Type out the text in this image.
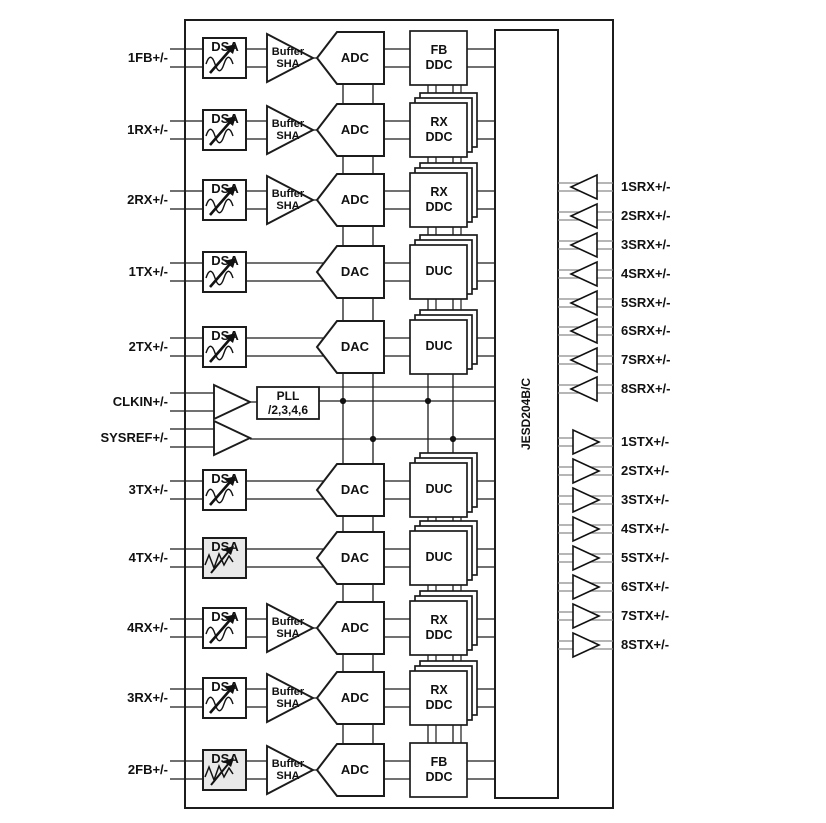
1FB+/-
1RX+/-
2RX+/-
1TX+/-
2TX+/-
CLKIN+/-
SYSREF+/-
3TX+/-
4TX+/-
4RX+/-
3RX+/-
2FB+/-
1SRX+/-
2SRX+/-
3SRX+/-
4SRX+/-
5SRX+/-
6SRX+/-
7SRX+/-
8SRX+/-
1STX+/-
2STX+/-
3STX+/-
4STX+/-
5STX+/-
6STX+/-
7STX+/-
8STX+/-
DSA
DSA
DSA
DSA
DSA
DSA
DSA
DSA
DSA
DSA
Buffer
SHA
Buffer
SHA
Buffer
SHA
Buffer
SHA
Buffer
SHA
Buffer
SHA
ADC
ADC
ADC
DAC
DAC
DAC
DAC
ADC
ADC
ADC
FB
DDC
RX
DDC
RX
DDC
DUC
DUC
DUC
DUC
RX
DDC
RX
DDC
FB
DDC
PLL
/2,3,4,6	JESD204B/C
